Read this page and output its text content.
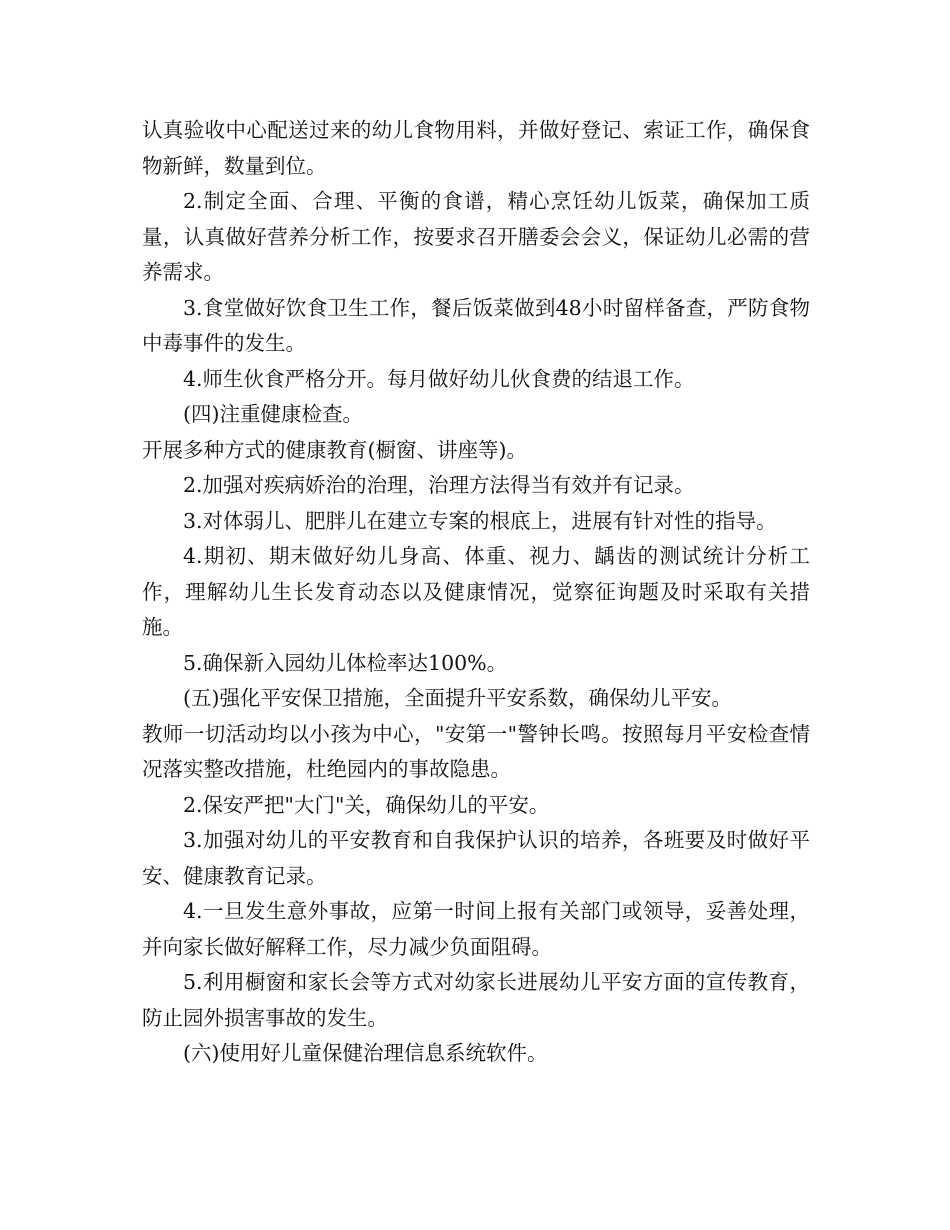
认真验收中心配送过来的幼儿食物用料，并做好登记、索证工作，确保食物新鲜，数量到位。

2.制定全面、合理、平衡的食谱，精心烹饪幼儿饭菜，确保加工质量，认真做好营养分析工作，按要求召开膳委会会义，保证幼儿必需的营养需求。

3.食堂做好饮食卫生工作，餐后饭菜做到48小时留样备查，严防食物中毒事件的发生。

4.师生伙食严格分开。每月做好幼儿伙食费的结退工作。

(四)注重健康检查。

开展多种方式的健康教育(橱窗、讲座等)。

2.加强对疾病娇治的治理，治理方法得当有效并有记录。

3.对体弱儿、肥胖儿在建立专案的根底上，进展有针对性的指导。

4.期初、期末做好幼儿身高、体重、视力、龋齿的测试统计分析工作，理解幼儿生长发育动态以及健康情况，觉察征询题及时采取有关措施。

5.确保新入园幼儿体检率达100%。

(五)强化平安保卫措施，全面提升平安系数，确保幼儿平安。

教师一切活动均以小孩为中心，"安第一"警钟长鸣。按照每月平安检查情况落实整改措施，杜绝园内的事故隐患。

2.保安严把"大门"关，确保幼儿的平安。

3.加强对幼儿的平安教育和自我保护认识的培养，各班要及时做好平安、健康教育记录。

4.一旦发生意外事故，应第一时间上报有关部门或领导，妥善处理，并向家长做好解释工作，尽力减少负面阻碍。

5.利用橱窗和家长会等方式对幼家长进展幼儿平安方面的宣传教育，防止园外损害事故的发生。

(六)使用好儿童保健治理信息系统软件。
